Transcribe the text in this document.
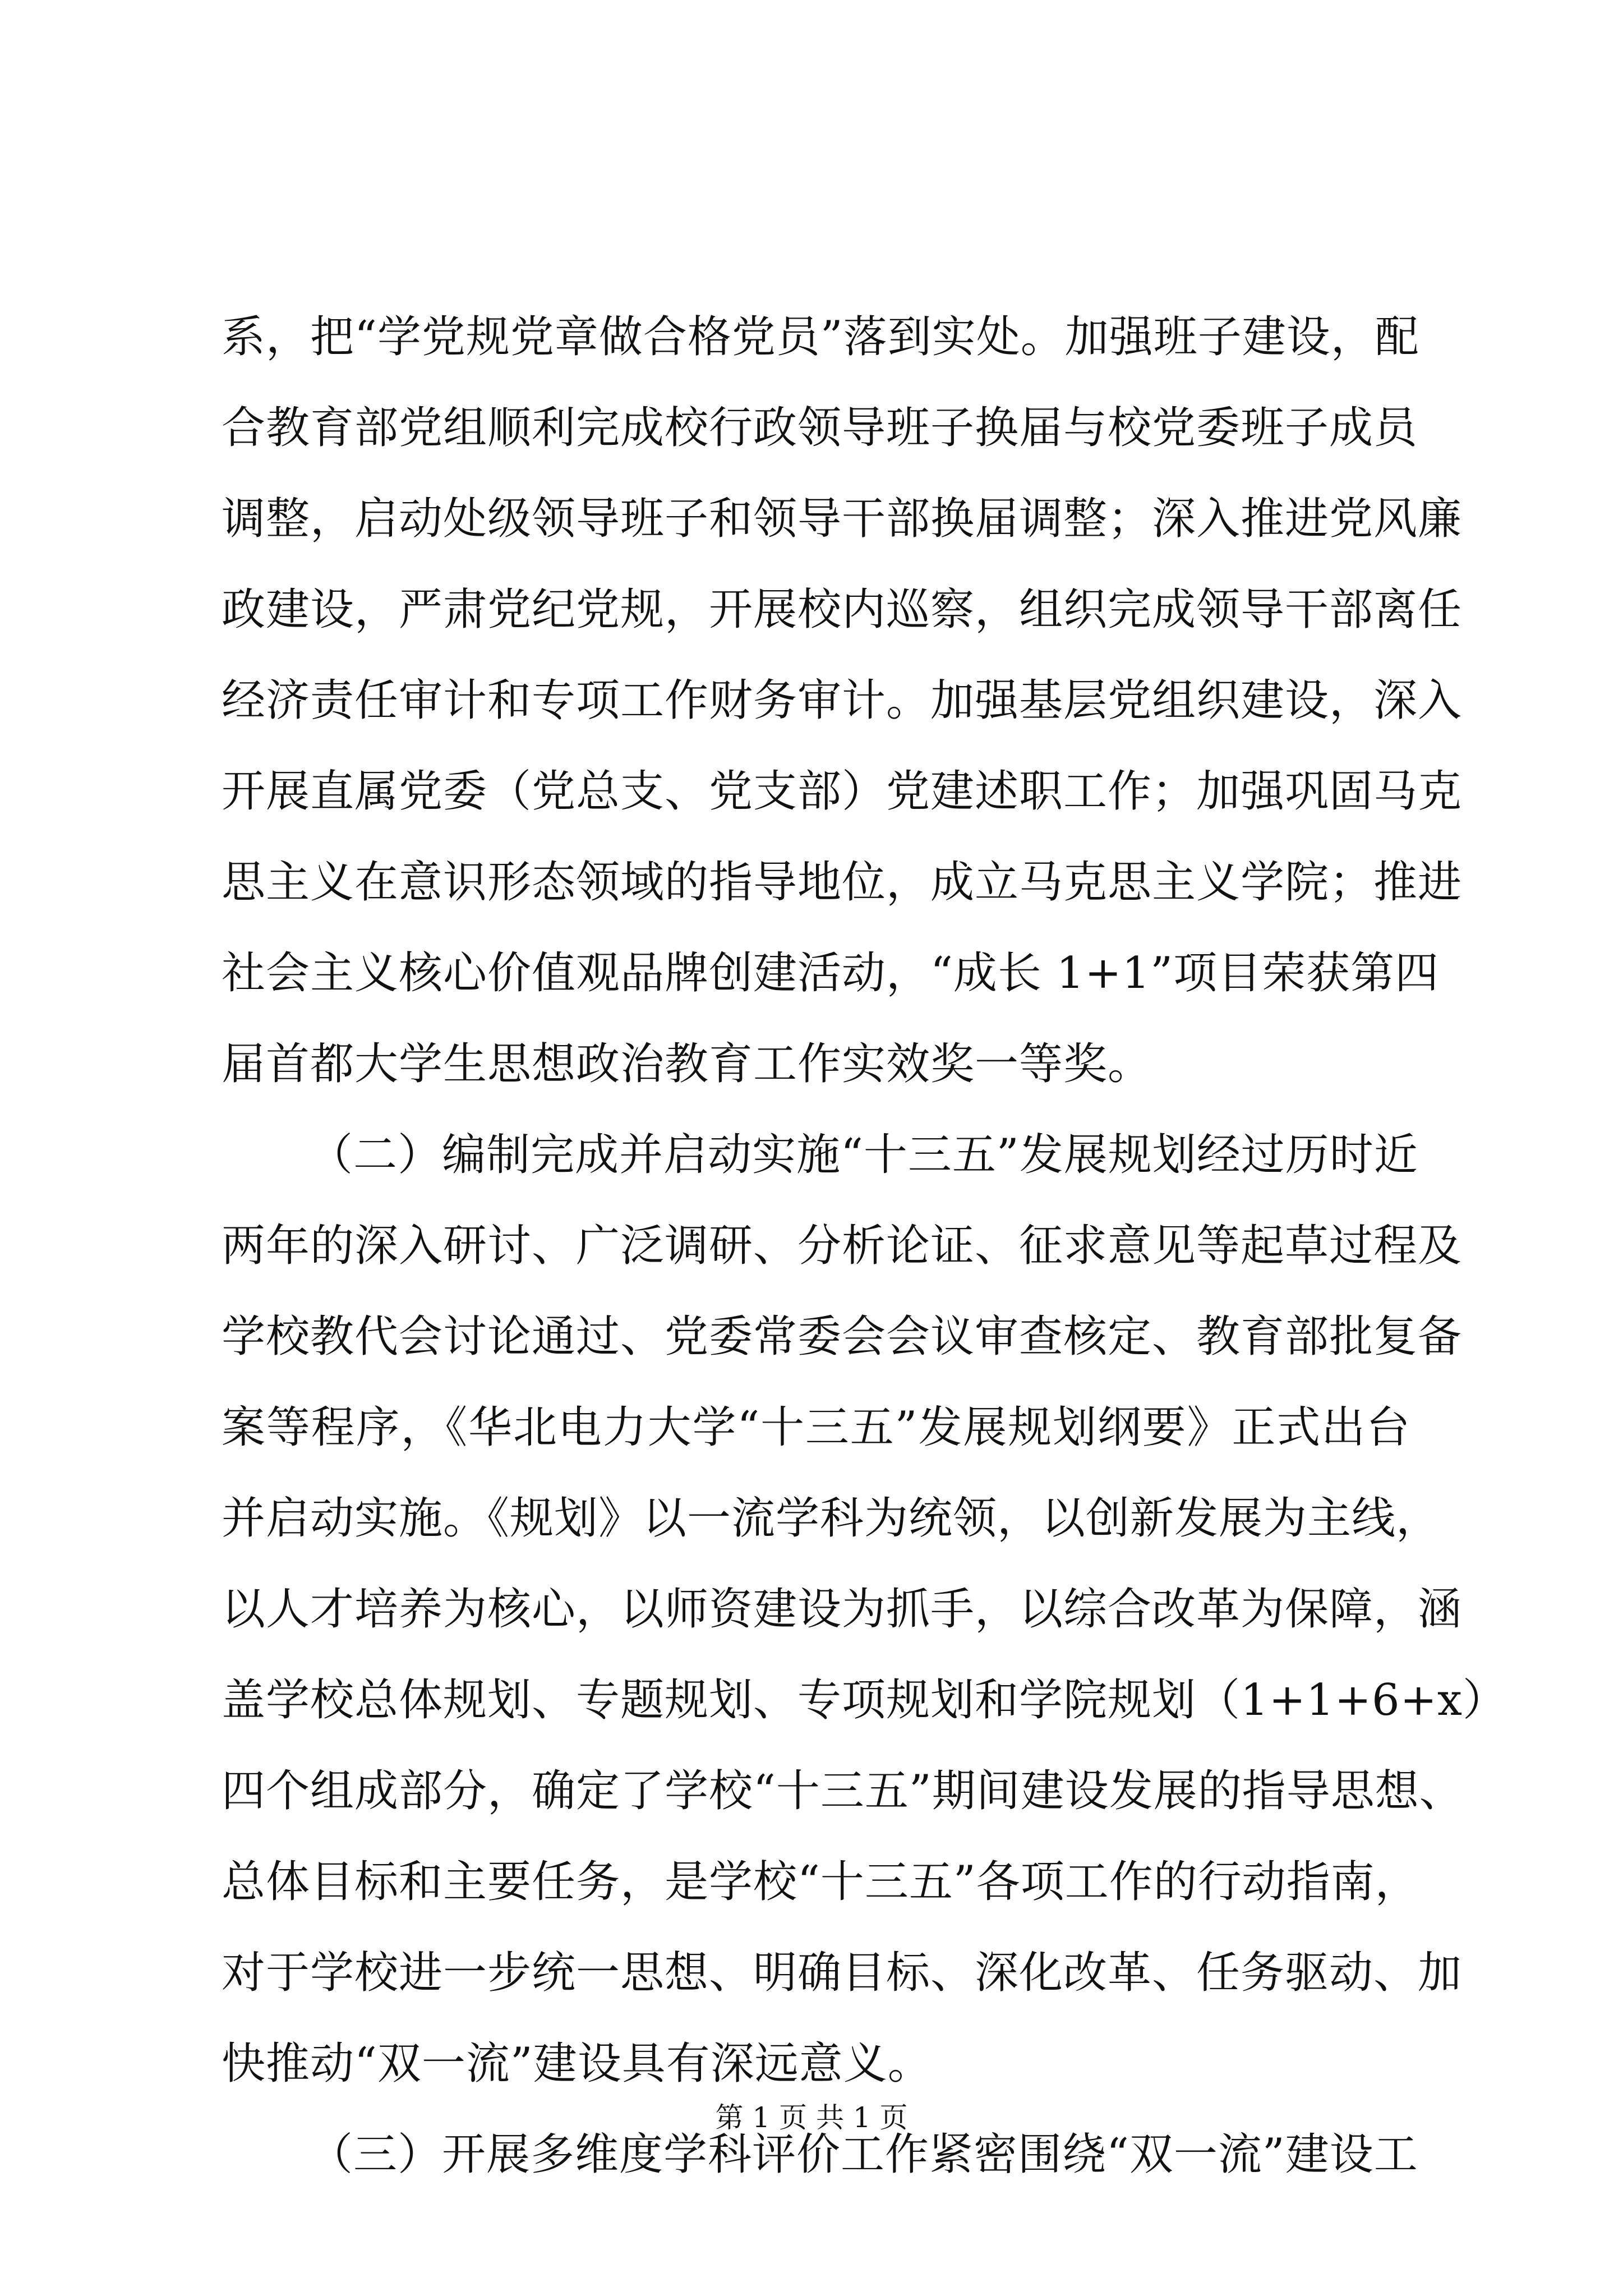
系，把“学党规党章做合格党员”落到实处。加强班子建设，配
合教育部党组顺利完成校行政领导班子换届与校党委班子成员
调整，启动处级领导班子和领导干部换届调整；深入推进党风廉
政建设，严肃党纪党规，开展校内巡察，组织完成领导干部离任
经济责任审计和专项工作财务审计。加强基层党组织建设，深入
开展直属党委（党总支、党支部）党建述职工作；加强巩固马克
思主义在意识形态领域的指导地位，成立马克思主义学院；推进
社会主义核心价值观品牌创建活动，“成长 1+1”项目荣获第四
届首都大学生思想政治教育工作实效奖一等奖。
（二）编制完成并启动实施“十三五”发展规划经过历时近
两年的深入研讨、广泛调研、分析论证、征求意见等起草过程及
学校教代会讨论通过、党委常委会会议审查核定、教育部批复备
案等程序，《华北电力大学“十三五”发展规划纲要》正式出台
并启动实施。《规划》以一流学科为统领，以创新发展为主线，
以人才培养为核心，以师资建设为抓手，以综合改革为保障，涵
盖学校总体规划、专题规划、专项规划和学院规划（1+1+6+x）
四个组成部分，确定了学校“十三五”期间建设发展的指导思想、
总体目标和主要任务，是学校“十三五”各项工作的行动指南，
对于学校进一步统一思想、明确目标、深化改革、任务驱动、加
快推动“双一流”建设具有深远意义。
（三）开展多维度学科评价工作紧密围绕“双一流”建设工
第 1 页 共 1 页
